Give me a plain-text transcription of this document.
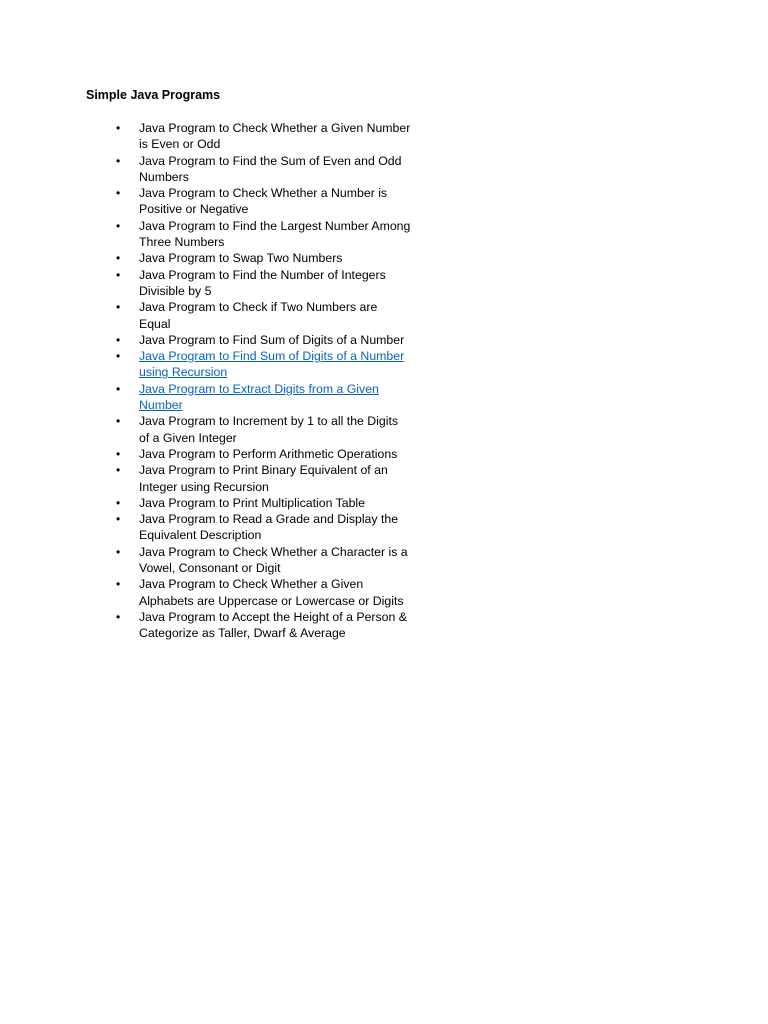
Simple Java Programs
• Java Program to Check Whether a Given Number is Even or Odd
• Java Program to Find the Sum of Even and Odd Numbers
• Java Program to Check Whether a Number is Positive or Negative
• Java Program to Find the Largest Number Among Three Numbers
• Java Program to Swap Two Numbers
• Java Program to Find the Number of Integers Divisible by 5
• Java Program to Check if Two Numbers are Equal
• Java Program to Find Sum of Digits of a Number
• Java Program to Find Sum of Digits of a Number using Recursion
• Java Program to Extract Digits from a Given Number
• Java Program to Increment by 1 to all the Digits of a Given Integer
• Java Program to Perform Arithmetic Operations
• Java Program to Print Binary Equivalent of an Integer using Recursion
• Java Program to Print Multiplication Table
• Java Program to Read a Grade and Display the Equivalent Description
• Java Program to Check Whether a Character is a Vowel, Consonant or Digit
• Java Program to Check Whether a Given Alphabets are Uppercase or Lowercase or Digits
• Java Program to Accept the Height of a Person & Categorize as Taller, Dwarf & Average
